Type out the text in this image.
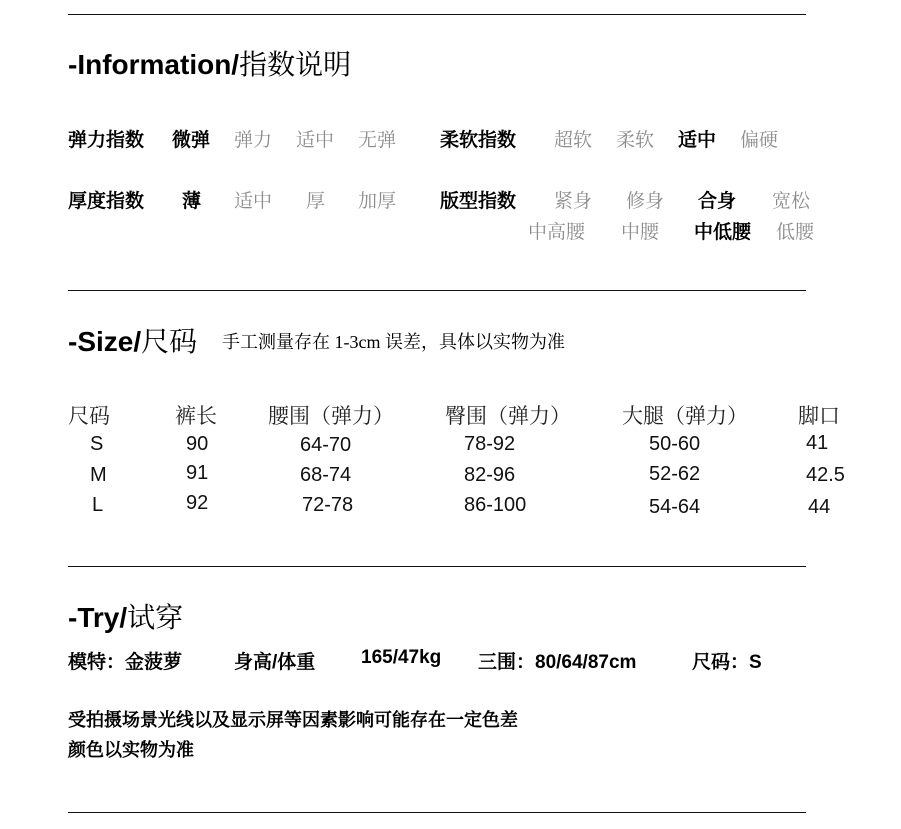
-Information/指数说明
弹力指数 微弹 弹力 适中 无弹 柔软指数 超软 柔软 适中 偏硬
厚度指数 薄 适中 厚 加厚 版型指数 紧身 修身 合身 宽松
中高腰 中腰 中低腰 低腰
-Size/尺码 手工测量存在 1-3cm 误差，具体以实物为准
尺码	裤长 腰围（弹力） 臀围（弹力） 大腿（弹力） 脚口
S	90	64-70	78-92	50-60	41
M	91	68-74	82-96	52-62	42.5
L	92	72-78	86-100	54-64	44
-Try/试穿
模特：金菠萝	身高/体重 165/47kg 三围：80/64/87cm	尺码：S
受拍摄场景光线以及显示屏等因素影响可能存在一定色差
颜色以实物为准
